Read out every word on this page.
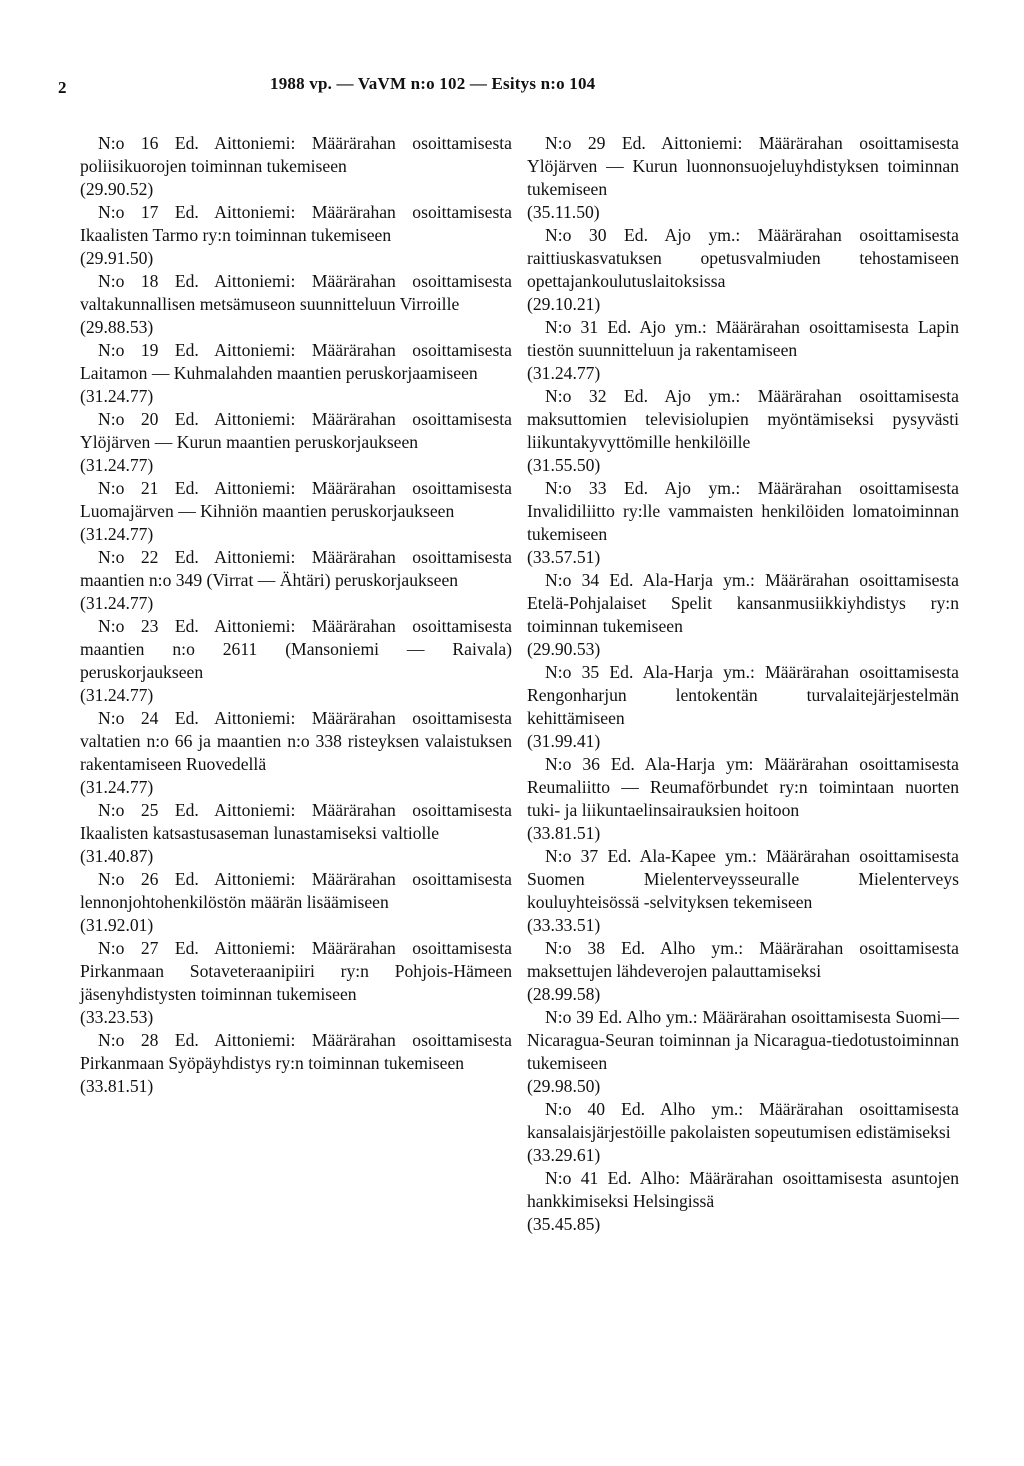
2	1988 vp. — VaVM n:o 102 — Esitys n:o 104

N:o 16 Ed. Aittoniemi: Määrärahan osoittamisesta poliisikuorojen toiminnan tukemiseen

(29.90.52)

N:o 17 Ed. Aittoniemi: Määrärahan osoittamisesta Ikaalisten Tarmo ry:n toiminnan tukemiseen

(29.91.50)

N:o 18 Ed. Aittoniemi: Määrärahan osoittamisesta valtakunnallisen metsämuseon suunnitteluun Virroille

(29.88.53)

N:o 19 Ed. Aittoniemi: Määrärahan osoittamisesta Laitamon — Kuhmalahden maantien peruskorjaamiseen

(31.24.77)

N:o 20 Ed. Aittoniemi: Määrärahan osoittamisesta Ylöjärven — Kurun maantien peruskorjaukseen

(31.24.77)

N:o 21 Ed. Aittoniemi: Määrärahan osoittamisesta Luomajärven — Kihniön maantien peruskorjaukseen

(31.24.77)

N:o 22 Ed. Aittoniemi: Määrärahan osoittamisesta maantien n:o 349 (Virrat — Ähtäri) peruskorjaukseen

(31.24.77)

N:o 23 Ed. Aittoniemi: Määrärahan osoittamisesta maantien n:o 2611 (Mansoniemi — Raivala) peruskorjaukseen

(31.24.77)

N:o 24 Ed. Aittoniemi: Määrärahan osoittamisesta valtatien n:o 66 ja maantien n:o 338 risteyksen valaistuksen rakentamiseen Ruovedellä

(31.24.77)

N:o 25 Ed. Aittoniemi: Määrärahan osoittamisesta Ikaalisten katsastusaseman lunastamiseksi valtiolle

(31.40.87)

N:o 26 Ed. Aittoniemi: Määrärahan osoittamisesta lennonjohtohenkilöstön määrän lisäämiseen

(31.92.01)

N:o 27 Ed. Aittoniemi: Määrärahan osoittamisesta Pirkanmaan Sotaveteraanipiiri ry:n Pohjois-Hämeen jäsenyhdistysten toiminnan tukemiseen

(33.23.53)

N:o 28 Ed. Aittoniemi: Määrärahan osoittamisesta Pirkanmaan Syöpäyhdistys ry:n toiminnan tukemiseen

(33.81.51)

N:o 29 Ed. Aittoniemi: Määrärahan osoittamisesta Ylöjärven — Kurun luonnonsuojeluyhdistyksen toiminnan tukemiseen

(35.11.50)

N:o 30 Ed. Ajo ym.: Määrärahan osoittamisesta raittiuskasvatuksen opetusvalmiuden tehostamiseen opettajankoulutuslaitoksissa

(29.10.21)

N:o 31 Ed. Ajo ym.: Määrärahan osoittamisesta Lapin tiestön suunnitteluun ja rakentamiseen

(31.24.77)

N:o 32 Ed. Ajo ym.: Määrärahan osoittamisesta maksuttomien televisiolupien myöntämiseksi pysyvästi liikuntakyvyttömille henkilöille

(31.55.50)

N:o 33 Ed. Ajo ym.: Määrärahan osoittamisesta Invalidiliitto ry:lle vammaisten henkilöiden lomatoiminnan tukemiseen

(33.57.51)

N:o 34 Ed. Ala-Harja ym.: Määrärahan osoittamisesta Etelä-Pohjalaiset Spelit kansanmusiikkiyhdistys ry:n toiminnan tukemiseen

(29.90.53)

N:o 35 Ed. Ala-Harja ym.: Määrärahan osoittamisesta Rengonharjun lentokentän turvalaitejärjestelmän kehittämiseen

(31.99.41)

N:o 36 Ed. Ala-Harja ym: Määrärahan osoittamisesta Reumaliitto — Reumaförbundet ry:n toimintaan nuorten tuki- ja liikuntaelinsairauksien hoitoon

(33.81.51)

N:o 37 Ed. Ala-Kapee ym.: Määrärahan osoittamisesta Suomen Mielenterveysseuralle Mielenterveys kouluyhteisössä -selvityksen tekemiseen

(33.33.51)

N:o 38 Ed. Alho ym.: Määrärahan osoittamisesta maksettujen lähdeverojen palauttamiseksi

(28.99.58)

N:o 39 Ed. Alho ym.: Määrärahan osoittamisesta Suomi—Nicaragua-Seuran toiminnan ja Nicaragua-tiedotustoiminnan tukemiseen

(29.98.50)

N:o 40 Ed. Alho ym.: Määrärahan osoittamisesta kansalaisjärjestöille pakolaisten sopeutumisen edistämiseksi

(33.29.61)

N:o 41 Ed. Alho: Määrärahan osoittamisesta asuntojen hankkimiseksi Helsingissä

(35.45.85)
